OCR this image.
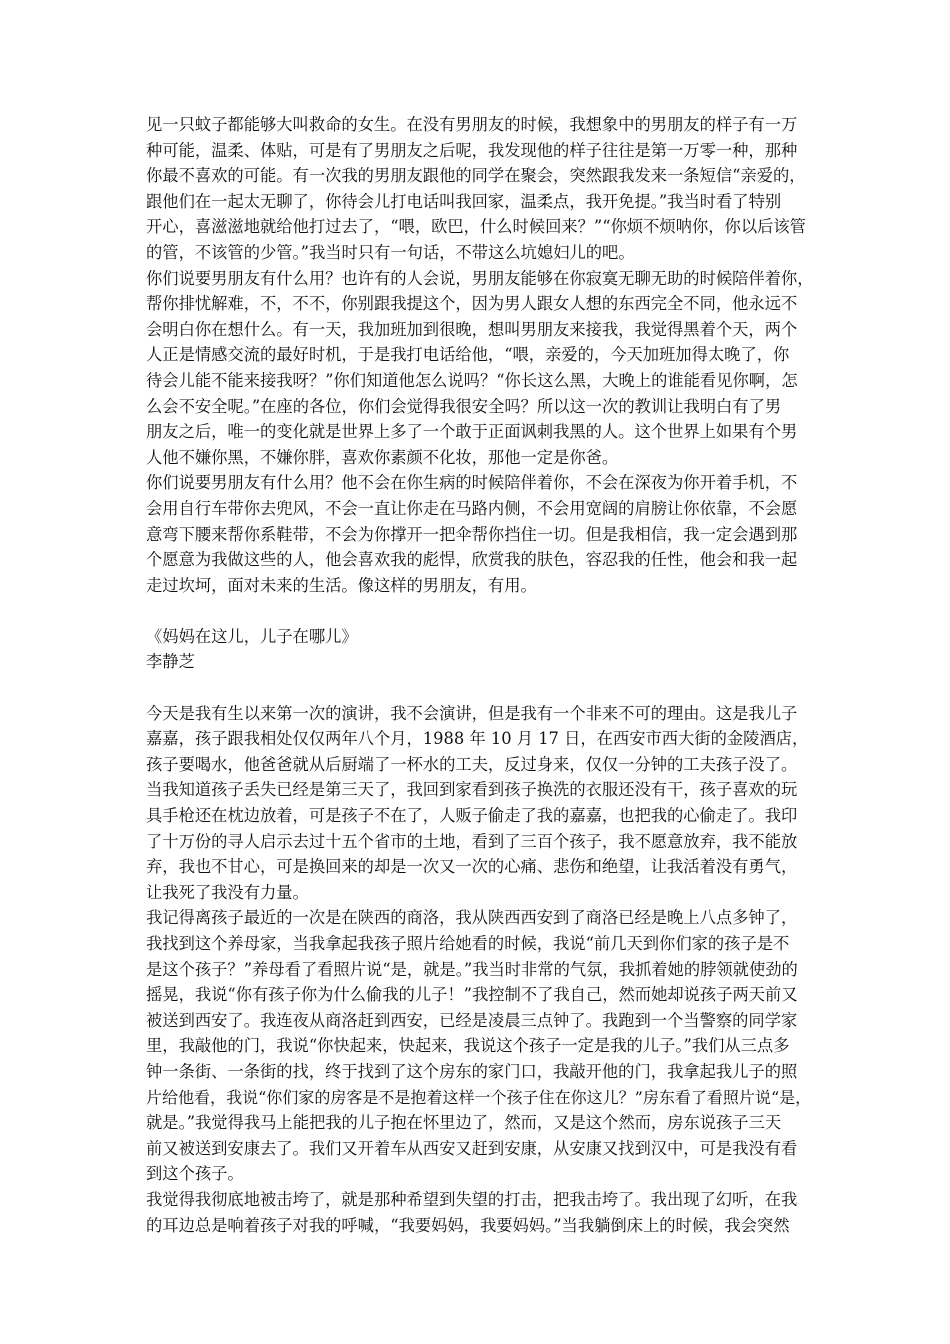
见一只蚊子都能够大叫救命的女生。在没有男朋友的时候，我想象中的男朋友的样子有一万
种可能，温柔、体贴，可是有了男朋友之后呢，我发现他的样子往往是第一万零一种，那种
你最不喜欢的可能。有一次我的男朋友跟他的同学在聚会，突然跟我发来一条短信“亲爱的，
跟他们在一起太无聊了，你待会儿打电话叫我回家，温柔点，我开免提。”我当时看了特别
开心，喜滋滋地就给他打过去了，“喂，欧巴，什么时候回来？”“你烦不烦呐你，你以后该管
的管，不该管的少管。”我当时只有一句话，不带这么坑媳妇儿的吧。
你们说要男朋友有什么用？也许有的人会说，男朋友能够在你寂寞无聊无助的时候陪伴着你，
帮你排忧解难，不，不不，你别跟我提这个，因为男人跟女人想的东西完全不同，他永远不
会明白你在想什么。有一天，我加班加到很晚，想叫男朋友来接我，我觉得黑着个天，两个
人正是情感交流的最好时机，于是我打电话给他，“喂，亲爱的，今天加班加得太晚了，你
待会儿能不能来接我呀？”你们知道他怎么说吗？“你长这么黑，大晚上的谁能看见你啊，怎
么会不安全呢。”在座的各位，你们会觉得我很安全吗？所以这一次的教训让我明白有了男
朋友之后，唯一的变化就是世界上多了一个敢于正面讽刺我黑的人。这个世界上如果有个男
人他不嫌你黑，不嫌你胖，喜欢你素颜不化妆，那他一定是你爸。
你们说要男朋友有什么用？他不会在你生病的时候陪伴着你，不会在深夜为你开着手机，不
会用自行车带你去兜风，不会一直让你走在马路内侧，不会用宽阔的肩膀让你依靠，不会愿
意弯下腰来帮你系鞋带，不会为你撑开一把伞帮你挡住一切。但是我相信，我一定会遇到那
个愿意为我做这些的人，他会喜欢我的彪悍，欣赏我的肤色，容忍我的任性，他会和我一起
走过坎坷，面对未来的生活。像这样的男朋友，有用。
《妈妈在这儿，儿子在哪儿》
李静芝
今天是我有生以来第一次的演讲，我不会演讲，但是我有一个非来不可的理由。这是我儿子
嘉嘉，孩子跟我相处仅仅两年八个月，1988 年 10 月 17 日，在西安市西大街的金陵酒店，
孩子要喝水，他爸爸就从后厨端了一杯水的工夫，反过身来，仅仅一分钟的工夫孩子没了。
当我知道孩子丢失已经是第三天了，我回到家看到孩子换洗的衣服还没有干，孩子喜欢的玩
具手枪还在枕边放着，可是孩子不在了，人贩子偷走了我的嘉嘉，也把我的心偷走了。我印
了十万份的寻人启示去过十五个省市的土地，看到了三百个孩子，我不愿意放弃，我不能放
弃，我也不甘心，可是换回来的却是一次又一次的心痛、悲伤和绝望，让我活着没有勇气，
让我死了我没有力量。
我记得离孩子最近的一次是在陕西的商洛，我从陕西西安到了商洛已经是晚上八点多钟了，
我找到这个养母家，当我拿起我孩子照片给她看的时候，我说“前几天到你们家的孩子是不
是这个孩子？”养母看了看照片说“是，就是。”我当时非常的气氛，我抓着她的脖领就使劲的
摇晃，我说“你有孩子你为什么偷我的儿子！”我控制不了我自己，然而她却说孩子两天前又
被送到西安了。我连夜从商洛赶到西安，已经是凌晨三点钟了。我跑到一个当警察的同学家
里，我敲他的门，我说“你快起来，快起来，我说这个孩子一定是我的儿子。”我们从三点多
钟一条街、一条街的找，终于找到了这个房东的家门口，我敲开他的门，我拿起我儿子的照
片给他看，我说“你们家的房客是不是抱着这样一个孩子住在你这儿？”房东看了看照片说“是，
就是。”我觉得我马上能把我的儿子抱在怀里边了，然而，又是这个然而，房东说孩子三天
前又被送到安康去了。我们又开着车从西安又赶到安康，从安康又找到汉中，可是我没有看
到这个孩子。
我觉得我彻底地被击垮了，就是那种希望到失望的打击，把我击垮了。我出现了幻听，在我
的耳边总是响着孩子对我的呼喊，“我要妈妈，我要妈妈。”当我躺倒床上的时候，我会突然
